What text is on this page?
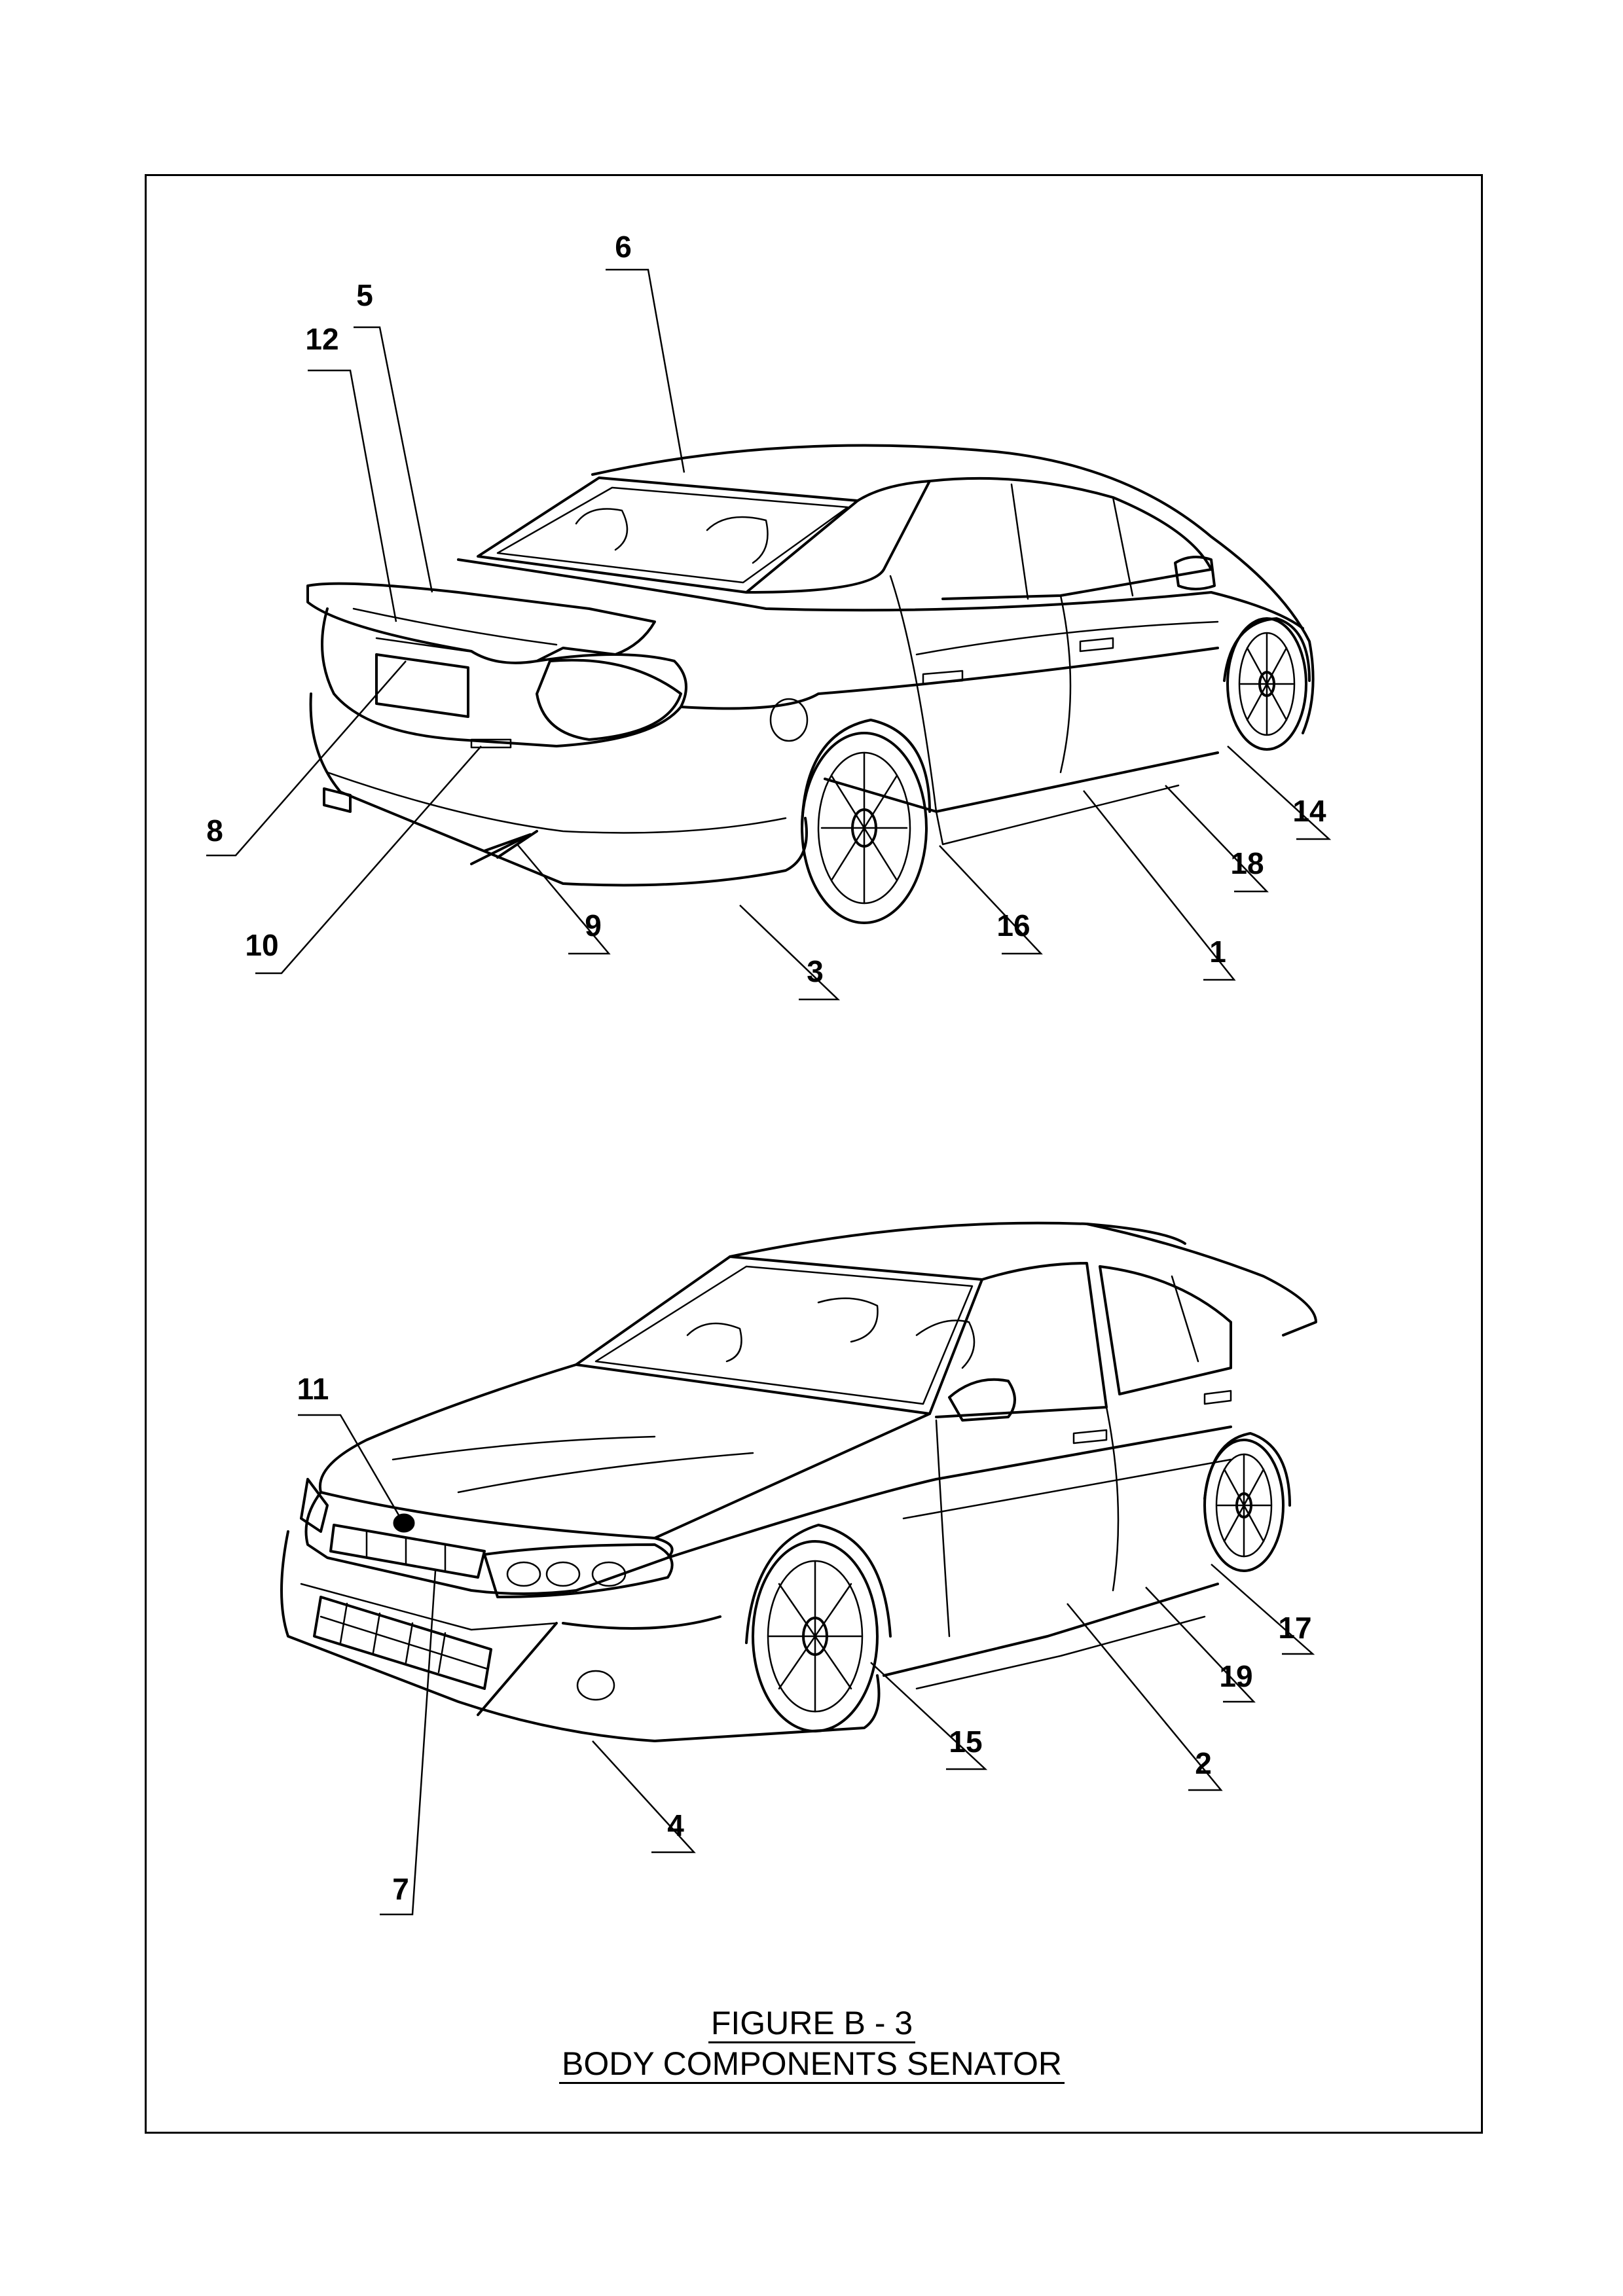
6
5
12
8
10
9
3
16
1
18
14
11
7
4
15
2
19
17
FIGURE B - 3
BODY COMPONENTS SENATOR
